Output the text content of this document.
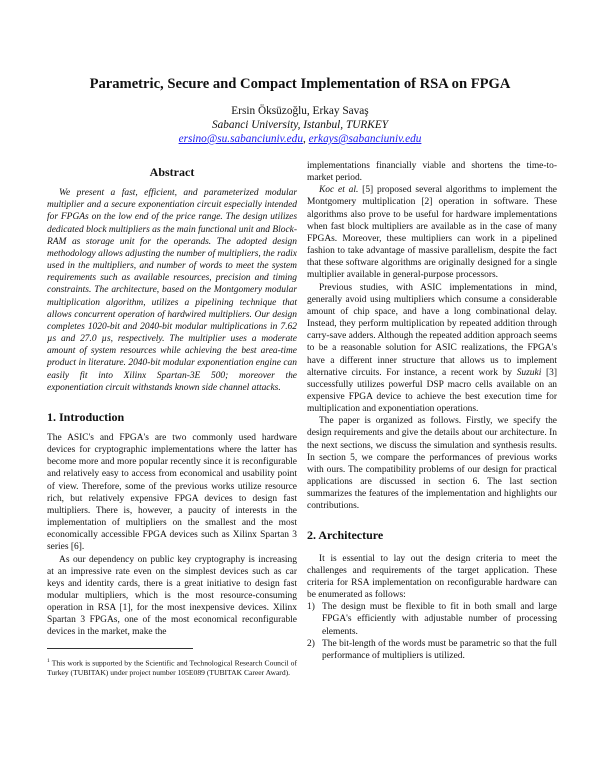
Parametric, Secure and Compact Implementation of RSA on FPGA
Ersin Öksüzoğlu, Erkay Savaş
Sabanci University, Istanbul, TURKEY
ersino@su.sabanciuniv.edu, erkays@sabanciuniv.edu
Abstract

We present a fast, efficient, and parameterized modular multiplier and a secure exponentiation circuit especially intended for FPGAs on the low end of the price range. The design utilizes dedicated block multipliers as the main functional unit and Block-RAM as storage unit for the operands. The adopted design methodology allows adjusting the number of multipliers, the radix used in the multipliers, and number of words to meet the system requirements such as available resources, precision and timing constraints. The architecture, based on the Montgomery modular multiplication algorithm, utilizes a pipelining technique that allows concurrent operation of hardwired multipliers. Our design completes 1020-bit and 2040-bit modular multiplications in 7.62 µs and 27.0 µs, respectively. The multiplier uses a moderate amount of system resources while achieving the best area-time product in literature. 2040-bit modular exponentiation engine can easily fit into Xilinx Spartan-3E 500; moreover the exponentiation circuit withstands known side channel attacks.

1. Introduction

The ASIC's and FPGA's are two commonly used hardware devices for cryptographic implementations where the latter has become more and more popular recently since it is reconfigurable and relatively easy to access from economical and usability point of view. Therefore, some of the previous works utilize resource rich, but relatively expensive FPGA devices to design fast multipliers. There is, however, a paucity of interests in the implementation of multipliers on the smallest and the most economically accessible FPGA devices such as Xilinx Spartan 3 series [6].

As our dependency on public key cryptography is increasing at an impressive rate even on the simplest devices such as car keys and identity cards, there is a great initiative to design fast modular multipliers, which is the most resource-consuming operation in RSA [1], for the most inexpensive devices. Xilinx Spartan 3 FPGAs, one of the most economical reconfigurable devices in the market, make the

$^1$ This work is supported by the Scientific and Technological Research Council of Turkey (TUBITAK) under project number 105E089 (TUBITAK Career Award).

implementations financially viable and shortens the time-to-market period.

Koc et al. [5] proposed several algorithms to implement the Montgomery multiplication [2] operation in software. These algorithms also prove to be useful for hardware implementations when fast block multipliers are available as in the case of many FPGAs. Moreover, these multipliers can work in a pipelined fashion to take advantage of massive parallelism, despite the fact that these software algorithms are originally designed for a single multiplier available in general-purpose processors.

Previous studies, with ASIC implementations in mind, generally avoid using multipliers which consume a considerable amount of chip space, and have a long combinational delay. Instead, they perform multiplication by repeated addition through carry-save adders. Although the repeated addition approach seems to be a reasonable solution for ASIC realizations, the FPGA's have a different inner structure that allows us to implement alternative circuits. For instance, a recent work by Suzuki [3] successfully utilizes powerful DSP macro cells available on an expensive FPGA device to achieve the best execution time for multiplication and exponentiation operations.

The paper is organized as follows. Firstly, we specify the design requirements and give the details about our architecture. In the next sections, we discuss the simulation and synthesis results. In section 5, we compare the performances of previous works with ours. The compatibility problems of our design for practical applications are discussed in section 6. The last section summarizes the features of the implementation and highlights our contributions.

2. Architecture

It is essential to lay out the design criteria to meet the challenges and requirements of the target application. These criteria for RSA implementation on reconfigurable hardware can be enumerated as follows:

1) The design must be flexible to fit in both small and large FPGA's efficiently with adjustable number of processing elements.
2) The bit-length of the words must be parametric so that the full performance of multipliers is utilized.
